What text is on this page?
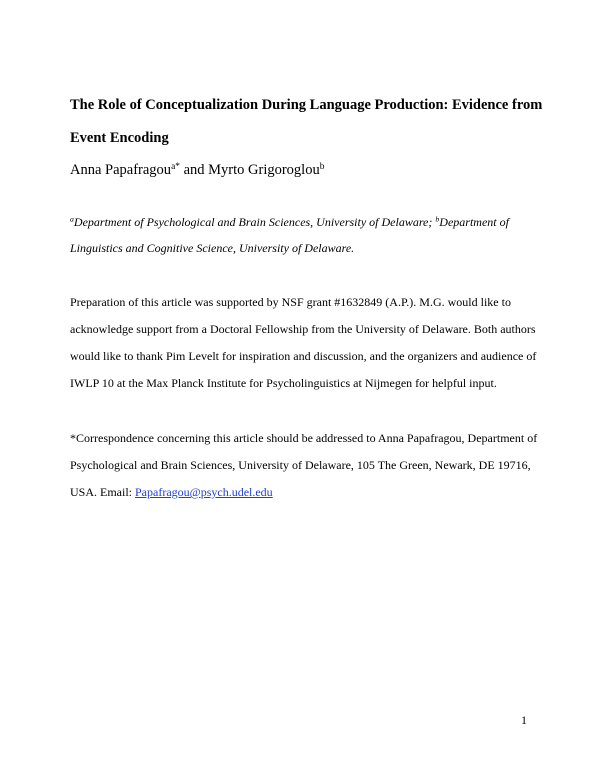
The Role of Conceptualization During Language Production: Evidence from
Event Encoding
Anna Papafragou$^{a*}$ and Myrto Grigoroglou$^b$
$^a$Department of Psychological and Brain Sciences, University of Delaware; $^b$Department of
Linguistics and Cognitive Science, University of Delaware.
Preparation of this article was supported by NSF grant #1632849 (A.P.). M.G. would like to
acknowledge support from a Doctoral Fellowship from the University of Delaware. Both authors
would like to thank Pim Levelt for inspiration and discussion, and the organizers and audience of
IWLP 10 at the Max Planck Institute for Psycholinguistics at Nijmegen for helpful input.
*Correspondence concerning this article should be addressed to Anna Papafragou, Department of
Psychological and Brain Sciences, University of Delaware, 105 The Green, Newark, DE 19716,
USA. Email: Papafragou@psych.udel.edu
1
